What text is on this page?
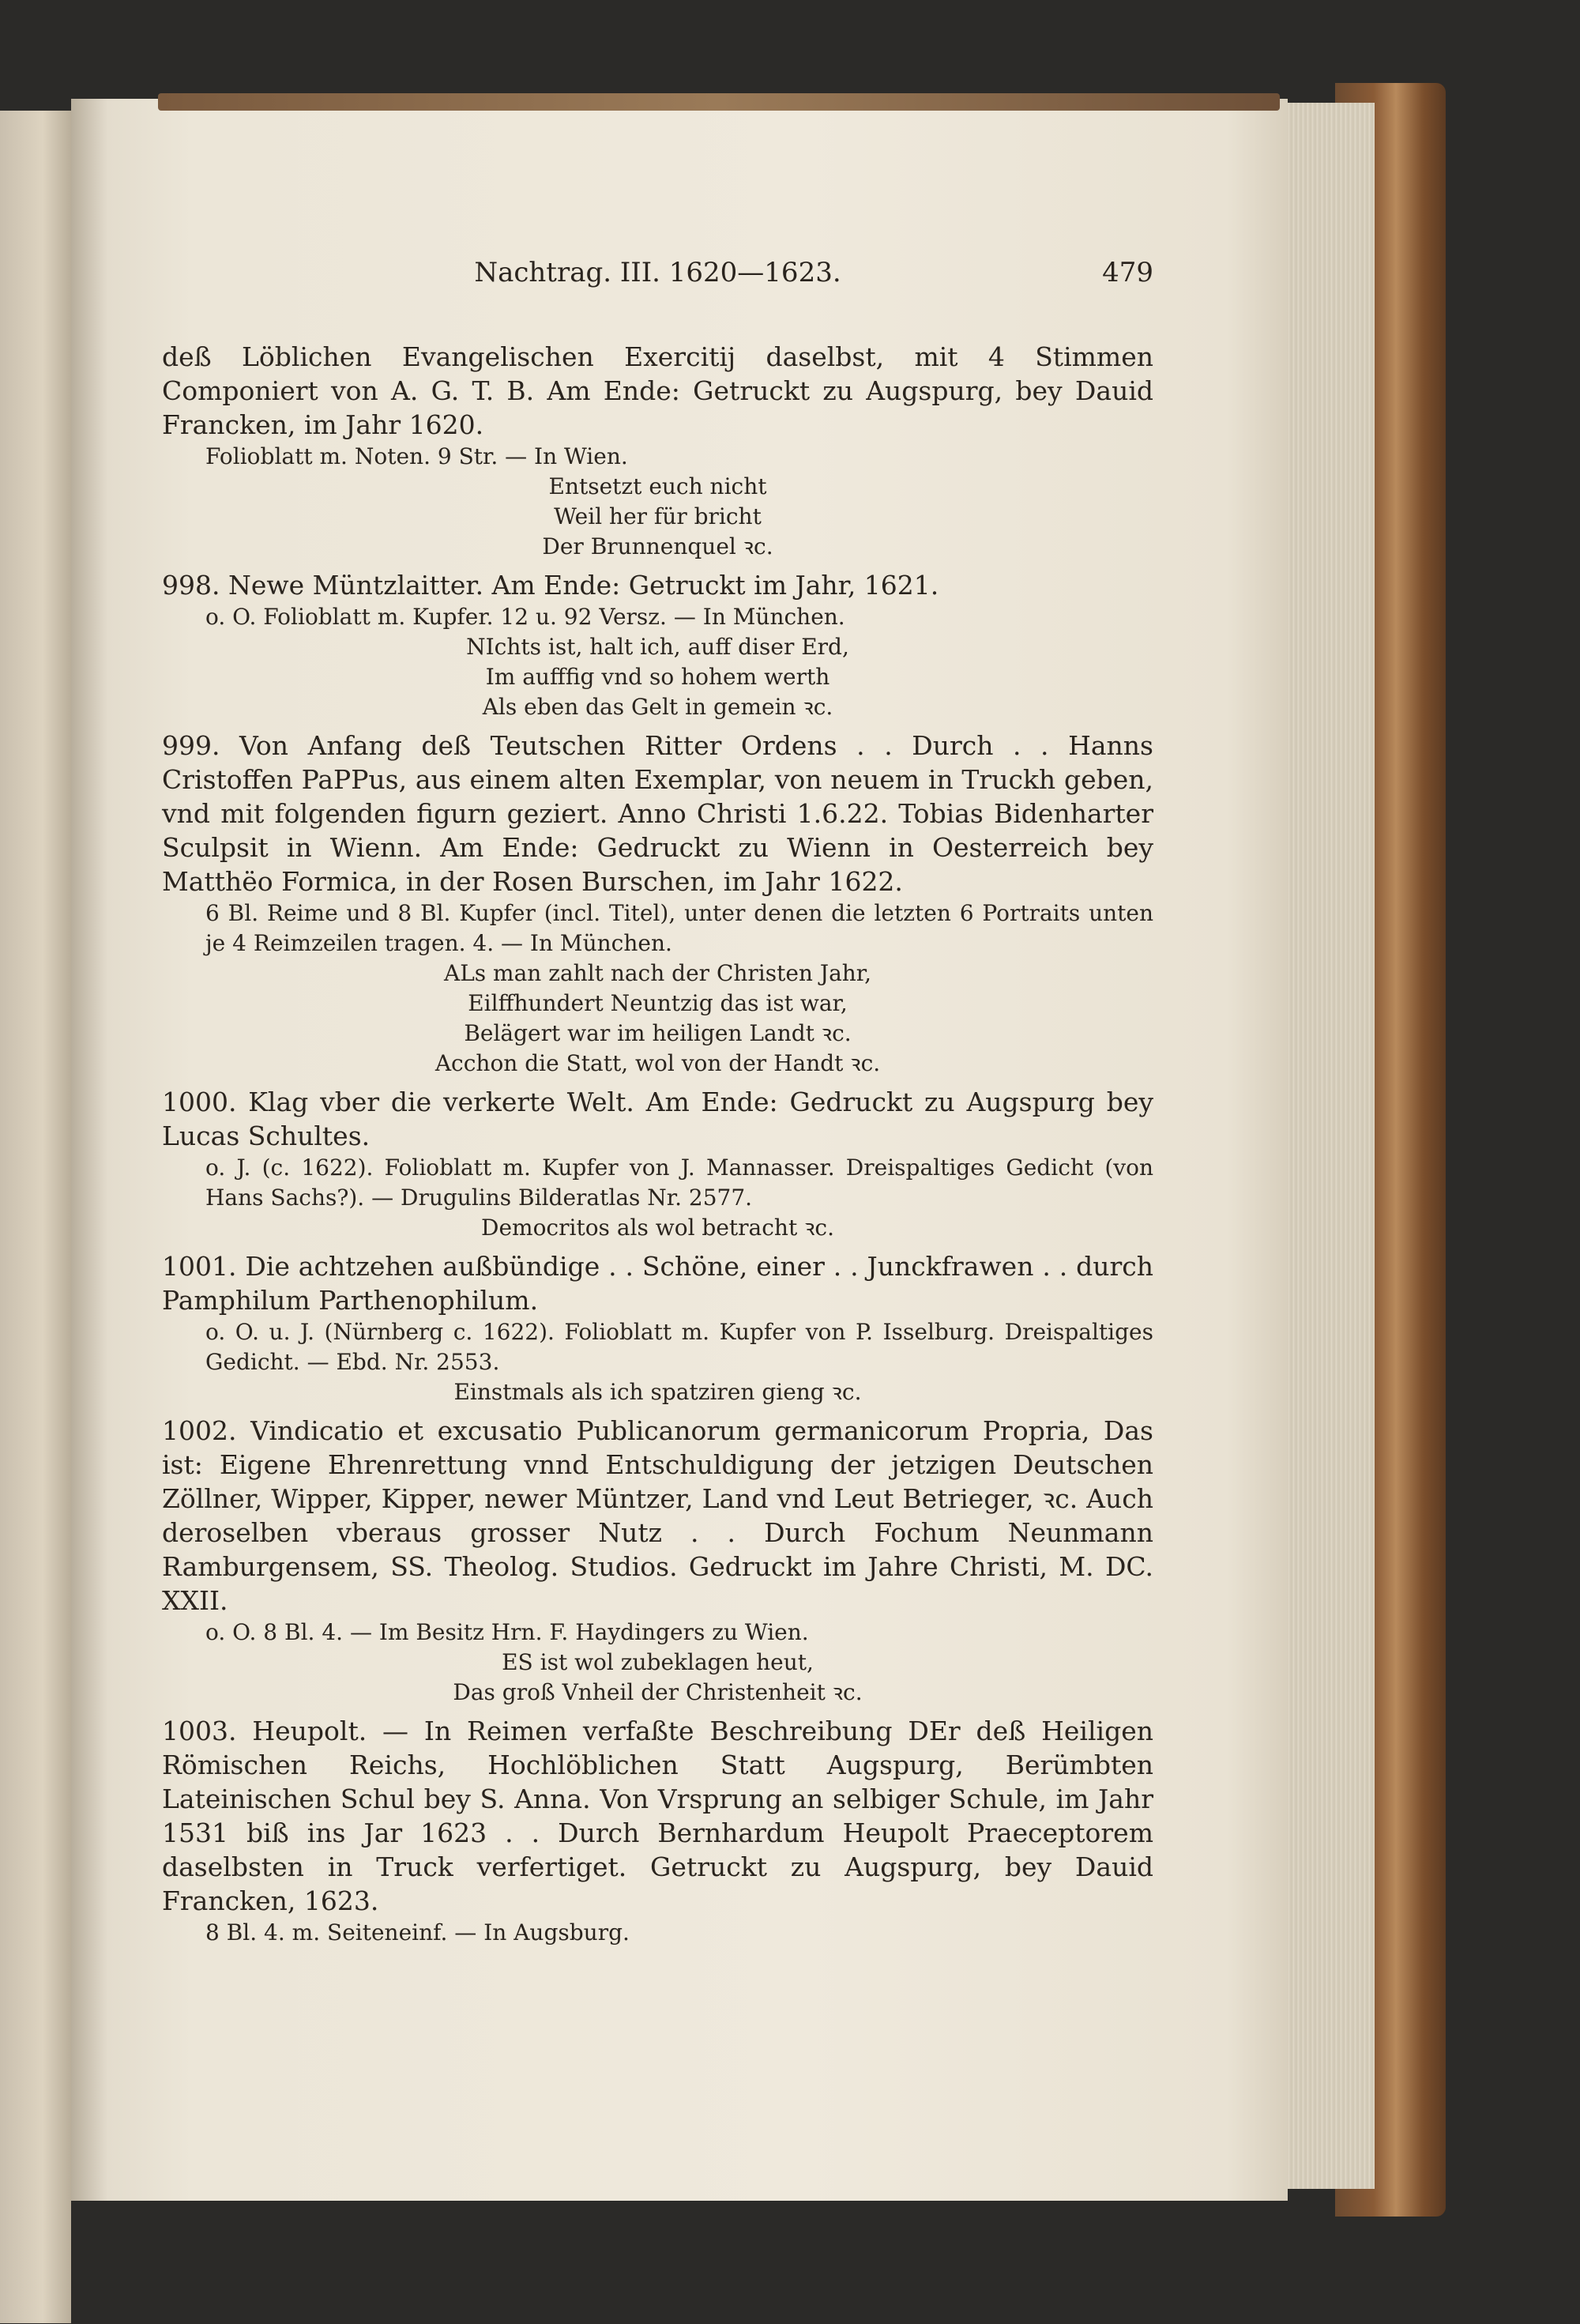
Nachtrag. III. 1620—1623.	479

deß Löblichen Evangelischen Exercitij daselbst, mit 4 Stimmen Componiert von A. G. T. B. Am Ende: Getruckt zu Augspurg, bey Dauid Francken, im Jahr 1620.

Folioblatt m. Noten. 9 Str. — In Wien.

Entsetzt euch nicht
Weil her für bricht
Der Brunnenquel ꝛc.

998. Newe Müntzlaitter. Am Ende: Getruckt im Jahr, 1621.

o. O. Folioblatt m. Kupfer. 12 u. 92 Versz. — In München.

NIchts ist, halt ich, auff diser Erd,
Im aufffig vnd so hohem werth
Als eben das Gelt in gemein ꝛc.

999. Von Anfang deß Teutschen Ritter Ordens . . Durch . . Hanns Cristoffen PaPPus, aus einem alten Exemplar, von neuem in Truckh geben, vnd mit folgenden figurn geziert. Anno Christi 1.6.22. Tobias Bidenharter Sculpsit in Wienn. Am Ende: Gedruckt zu Wienn in Oesterreich bey Matthëo Formica, in der Rosen Burschen, im Jahr 1622.

6 Bl. Reime und 8 Bl. Kupfer (incl. Titel), unter denen die letzten 6 Portraits unten je 4 Reimzeilen tragen. 4. — In München.

ALs man zahlt nach der Christen Jahr,
Eilffhundert Neuntzig das ist war,
Belägert war im heiligen Landt ꝛc.
Acchon die Statt, wol von der Handt ꝛc.

1000. Klag vber die verkerte Welt. Am Ende: Gedruckt zu Augspurg bey Lucas Schultes.

o. J. (c. 1622). Folioblatt m. Kupfer von J. Mannasser. Dreispaltiges Gedicht (von Hans Sachs?). — Drugulins Bilderatlas Nr. 2577.

Democritos als wol betracht ꝛc.

1001. Die achtzehen außbündige . . Schöne, einer . . Junckfrawen . . durch Pamphilum Parthenophilum.

o. O. u. J. (Nürnberg c. 1622). Folioblatt m. Kupfer von P. Isselburg. Dreispaltiges Gedicht. — Ebd. Nr. 2553.

Einstmals als ich spatziren gieng ꝛc.

1002. Vindicatio et excusatio Publicanorum germanicorum Propria, Das ist: Eigene Ehrenrettung vnnd Entschuldigung der jetzigen Deutschen Zöllner, Wipper, Kipper, newer Müntzer, Land vnd Leut Betrieger, ꝛc. Auch deroselben vberaus grosser Nutz . . Durch Fochum Neunmann Ramburgensem, SS. Theolog. Studios. Gedruckt im Jahre Christi, M. DC. XXII.

o. O. 8 Bl. 4. — Im Besitz Hrn. F. Haydingers zu Wien.

ES ist wol zubeklagen heut,
Das groß Vnheil der Christenheit ꝛc.

1003. Heupolt. — In Reimen verfaßte Beschreibung DEr deß Heiligen Römischen Reichs, Hochlöblichen Statt Augspurg, Berümbten Lateinischen Schul bey S. Anna. Von Vrsprung an selbiger Schule, im Jahr 1531 biß ins Jar 1623 . . Durch Bernhardum Heupolt Praeceptorem daselbsten in Truck verfertiget. Getruckt zu Augspurg, bey Dauid Francken, 1623.

8 Bl. 4. m. Seiteneinf. — In Augsburg.
